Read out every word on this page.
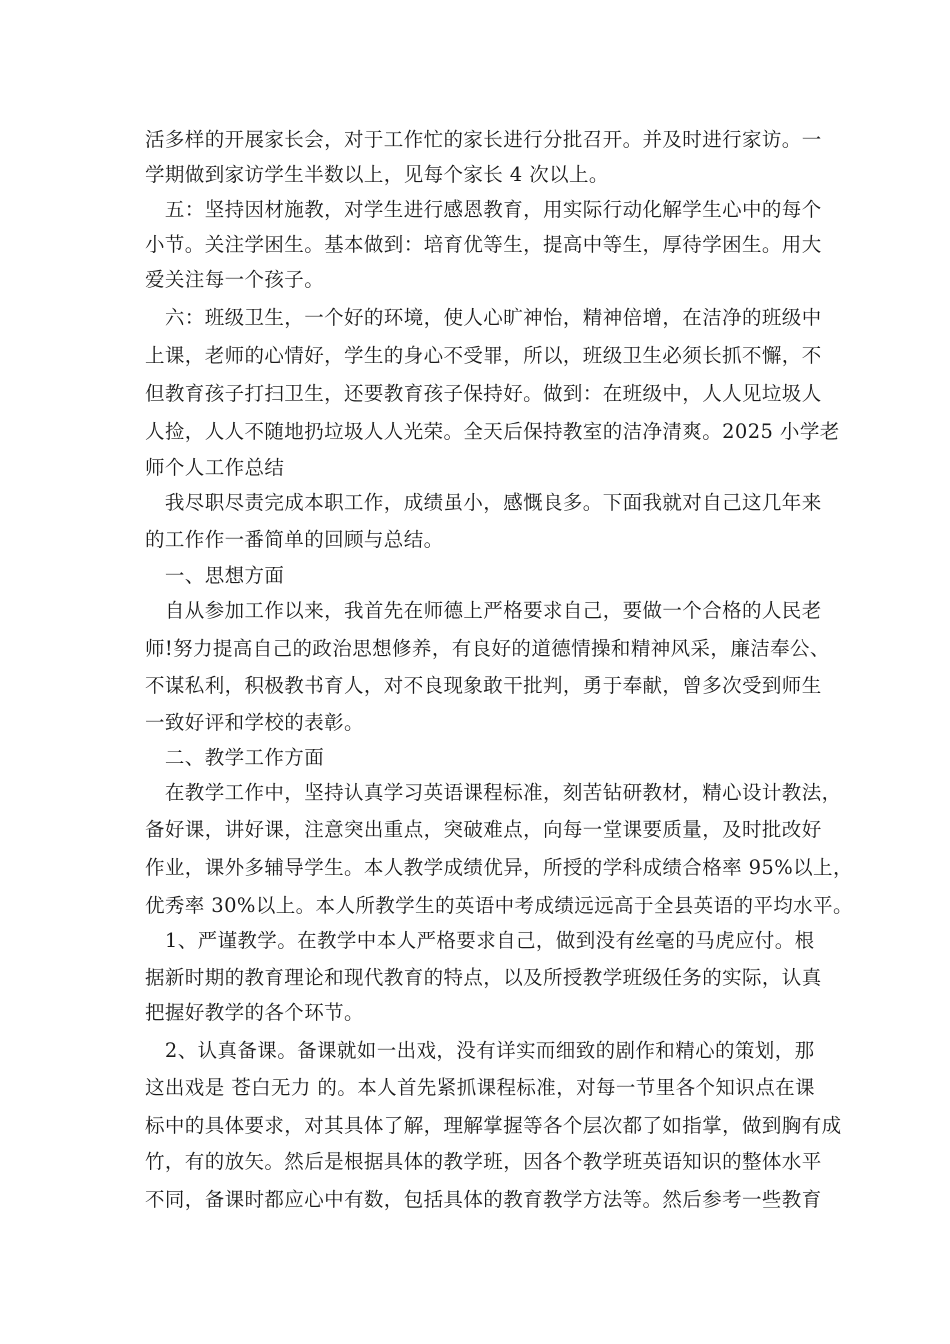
活多样的开展家长会，对于工作忙的家长进行分批召开。并及时进行家访。一
学期做到家访学生半数以上，见每个家长 4 次以上。
　五：坚持因材施教，对学生进行感恩教育，用实际行动化解学生心中的每个
小节。关注学困生。基本做到：培育优等生，提高中等生，厚待学困生。用大
爱关注每一个孩子。
　六：班级卫生，一个好的环境，使人心旷神怡，精神倍增，在洁净的班级中
上课，老师的心情好，学生的身心不受罪，所以，班级卫生必须长抓不懈，不
但教育孩子打扫卫生，还要教育孩子保持好。做到：在班级中，人人见垃圾人
人捡，人人不随地扔垃圾人人光荣。全天后保持教室的洁净清爽。2025 小学老
师个人工作总结
　我尽职尽责完成本职工作，成绩虽小，感慨良多。下面我就对自己这几年来
的工作作一番简单的回顾与总结。
　一、思想方面
　自从参加工作以来，我首先在师德上严格要求自己，要做一个合格的人民老
师!努力提高自己的政治思想修养，有良好的道德情操和精神风采，廉洁奉公、
不谋私利，积极教书育人，对不良现象敢干批判，勇于奉献，曾多次受到师生
一致好评和学校的表彰。
　二、教学工作方面
　在教学工作中，坚持认真学习英语课程标准，刻苦钻研教材，精心设计教法，
备好课，讲好课，注意突出重点，突破难点，向每一堂课要质量，及时批改好
作业，课外多辅导学生。本人教学成绩优异，所授的学科成绩合格率 95%以上，
优秀率 30%以上。本人所教学生的英语中考成绩远远高于全县英语的平均水平。
　1、严谨教学。在教学中本人严格要求自己，做到没有丝毫的马虎应付。根
据新时期的教育理论和现代教育的特点，以及所授教学班级任务的实际，认真
把握好教学的各个环节。
　2、认真备课。备课就如一出戏，没有详实而细致的剧作和精心的策划，那
这出戏是 苍白无力 的。本人首先紧抓课程标准，对每一节里各个知识点在课
标中的具体要求，对其具体了解，理解掌握等各个层次都了如指掌，做到胸有成
竹，有的放矢。然后是根据具体的教学班，因各个教学班英语知识的整体水平
不同，备课时都应心中有数，包括具体的教育教学方法等。然后参考一些教育
